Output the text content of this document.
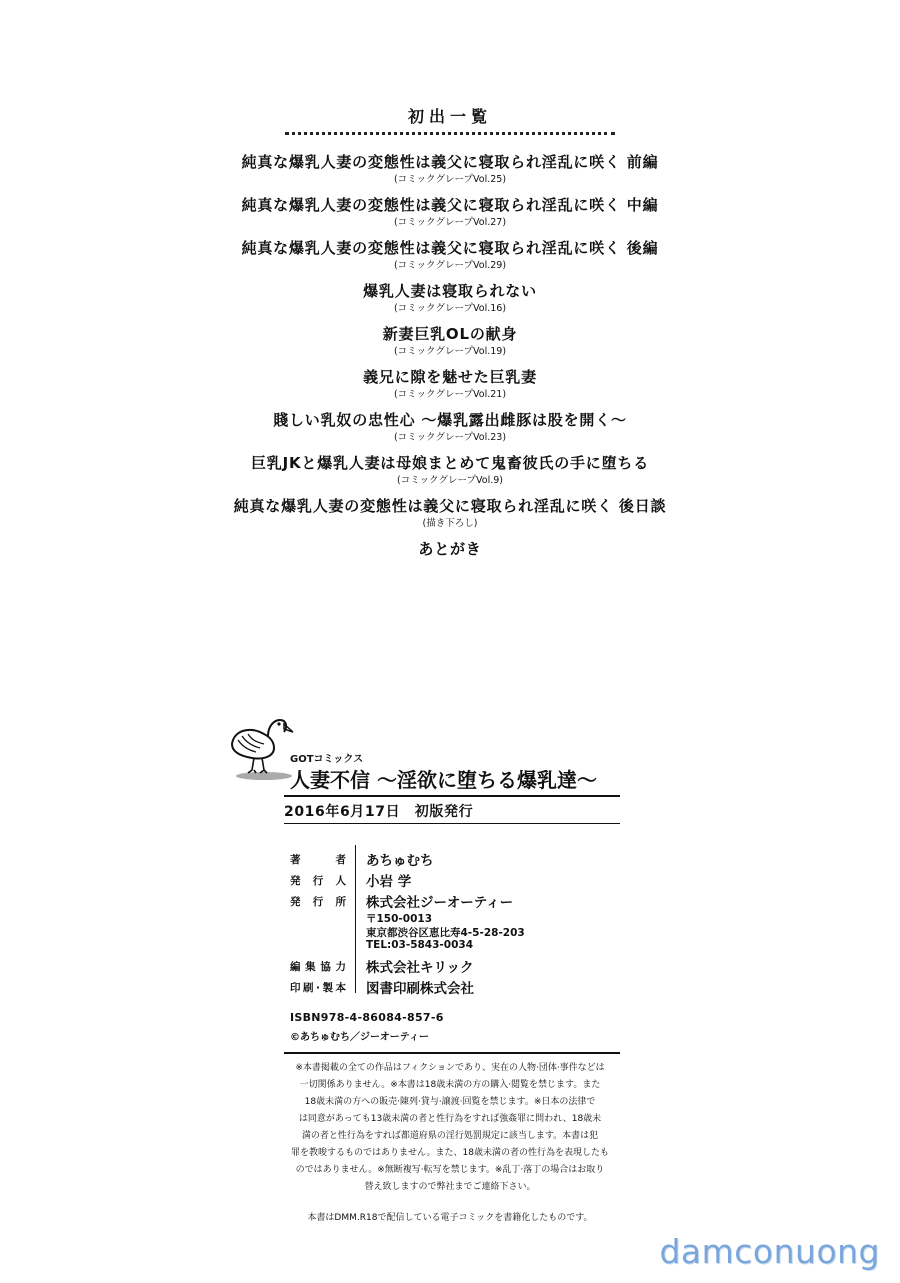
初出一覧
純真な爆乳人妻の変態性は義父に寝取られ淫乱に咲く 前編
(コミックグレープVol.25)
純真な爆乳人妻の変態性は義父に寝取られ淫乱に咲く 中編
(コミックグレープVol.27)
純真な爆乳人妻の変態性は義父に寝取られ淫乱に咲く 後編
(コミックグレープVol.29)
爆乳人妻は寝取られない
(コミックグレープVol.16)
新妻巨乳OLの献身
(コミックグレープVol.19)
義兄に隙を魅せた巨乳妻
(コミックグレープVol.21)
賤しい乳奴の忠性心 〜爆乳露出雌豚は股を開く〜
(コミックグレープVol.23)
巨乳JKと爆乳人妻は母娘まとめて鬼畜彼氏の手に堕ちる
(コミックグレープVol.9)
純真な爆乳人妻の変態性は義父に寝取られ淫乱に咲く 後日談
(描き下ろし)
あとがき
GOTコミックス
人妻不信 〜淫欲に堕ちる爆乳達〜
2016年6月17日　初版発行
著　者 あちゅむち
発行人 小岩 学
発行所 株式会社ジーオーティー
〒150-0013
東京都渋谷区恵比寿4-5-28-203
TEL:03-5843-0034
編集協力 株式会社キリック
印刷·製本 図書印刷株式会社
ISBN978-4-86084-857-6
©あちゅむち／ジーオーティー
※本書掲載の全ての作品はフィクションであり、実在の人物·団体·事件などは
一切関係ありません。※本書は18歳未満の方の購入·閲覧を禁じます。また
18歳未満の方への販売·陳列·貸与·譲渡·回覧を禁じます。※日本の法律で
は同意があっても13歳未満の者と性行為をすれば強姦罪に問われ、18歳未
満の者と性行為をすれば都道府県の淫行処罰規定に該当します。本書は犯
罪を教唆するものではありません。また、18歳未満の者の性行為を表現したも
のではありません。※無断複写·転写を禁じます。※乱丁·落丁の場合はお取り
替え致しますので弊社までご連絡下さい。
本書はDMM.R18で配信している電子コミックを書籍化したものです。
damconuong
